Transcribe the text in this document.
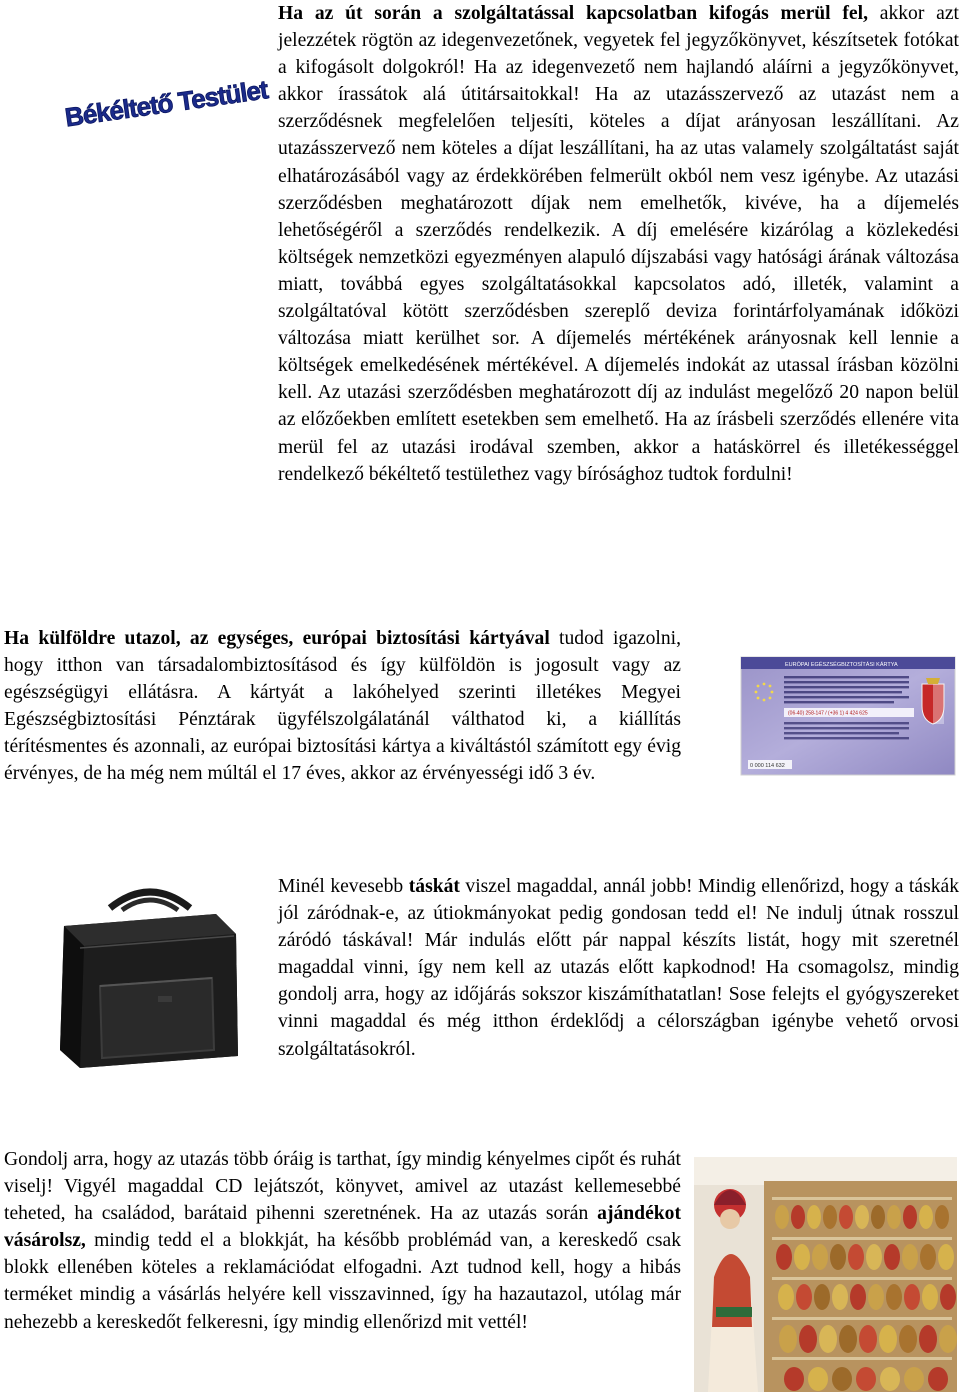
Békéltető Testület

Ha az út során a szolgáltatással kapcsolatban kifogás merül fel, akkor azt jelezzétek rögtön az idegenvezetőnek, vegyetek fel jegyzőkönyvet, készítsetek fotókat a kifogásolt dolgokról! Ha az idegenvezető nem hajlandó aláírni a jegyzőkönyvet, akkor írassátok alá útitársaitokkal! Ha az utazásszervező az utazást nem a szerződésnek megfelelően teljesíti, köteles a díjat arányosan leszállítani. Az utazásszervező nem köteles a díjat leszállítani, ha az utas valamely szolgáltatást saját elhatározásából vagy az érdekkörében felmerült okból nem vesz igénybe. Az utazási szerződésben meghatározott díjak nem emelhetők, kivéve, ha a díjemelés lehetőségéről a szerződés rendelkezik. A díj emelésére kizárólag a közlekedési költségek nemzetközi egyezményen alapuló díjszabási vagy hatósági árának változása miatt, továbbá egyes szolgáltatásokkal kapcsolatos adó, illeték, valamint a szolgáltatóval kötött szerződésben szereplő deviza forintárfolyamának időközi változása miatt kerülhet sor. A díjemelés mértékének arányosnak kell lennie a költségek emelkedésének mértékével. A díjemelés indokát az utassal írásban közölni kell. Az utazási szerződésben meghatározott díj az indulást megelőző 20 napon belül az előzőekben említett esetekben sem emelhető. Ha az írásbeli szerződés ellenére vita merül fel az utazási irodával szemben, akkor a hatáskörrel és illetékességgel rendelkező békéltető testülethez vagy bírósághoz tudtok fordulni!

Ha külföldre utazol, az egységes, európai biztosítási kártyával tudod igazolni, hogy itthon van társadalombiztosításod és így külföldön is jogosult vagy az egészségügyi ellátásra. A kártyát a lakóhelyed szerinti illetékes Megyei Egészségbiztosítási Pénztárak ügyfélszolgálatánál válthatod ki, a kiállítás térítésmentes és azonnali, az európai biztosítási kártya a kiváltástól számított egy évig érvényes, de ha még nem múltál el 17 éves, akkor az érvényességi idő 3 év.

EURÓPAI EGÉSZSÉGBIZTOSÍTÁSI KÁRTYA
(06-40) 258-147 / (+36 1) 4 424 625
0 000 114 632

Minél kevesebb táskát viszel magaddal, annál jobb! Mindig ellenőrizd, hogy a táskák jól záródnak-e, az útiokmányokat pedig gondosan tedd el! Ne indulj útnak rosszul záródó táskával! Már indulás előtt pár nappal készíts listát, hogy mit szeretnél magaddal vinni, így nem kell az utazás előtt kapkodnod! Ha csomagolsz, mindig gondolj arra, hogy az időjárás sokszor kiszámíthatatlan! Sose felejts el gyógyszereket vinni magaddal és még itthon érdeklődj a célországban igénybe vehető orvosi szolgáltatásokról.

Gondolj arra, hogy az utazás több óráig is tarthat, így mindig kényelmes cipőt és ruhát viselj! Vigyél magaddal CD lejátszót, könyvet, amivel az utazást kellemesebbé teheted, ha családod, barátaid pihenni szeretnének. Ha az utazás során ajándékot vásárolsz, mindig tedd el a blokkját, ha később problémád van, a kereskedő csak blokk ellenében köteles a reklamációdat elfogadni. Azt tudnod kell, hogy a hibás terméket mindig a vásárlás helyére kell visszavinned, így ha hazautazol, utólag már nehezebb a kereskedőt felkeresni, így mindig ellenőrizd mit vettél!
